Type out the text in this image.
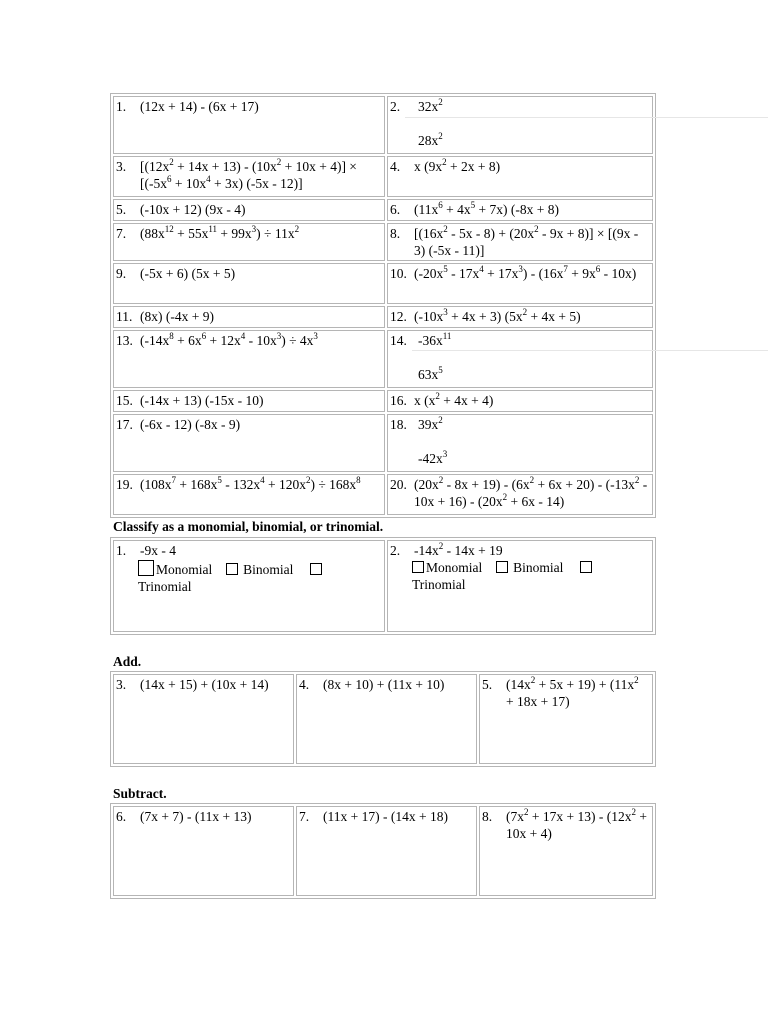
1. (12x + 14) - (6x + 17)	2. $32x^2$
$28x^2$

3. $[(12x^2 + 14x + 13) - (10x^2 + 10x + 4)] \times [(-5x^6 + 10x^4 + 3x)$ (-5x - 12)]	4. x $(9x^2 + 2x + 8)$

5. (-10x + 12) (9x - 4)	6. $(11x^6 + 4x^5 + 7x) (-8x + 8)$

7. $(88x^{12} + 55x^{11} + 99x^3) \div 11x^2$	8. $[(16x^2 - 5x - 8) + (20x^2 - 9x + 8)] \times [(9x - 3)$ (-5x - 11)]

9. (-5x + 6) (5x + 5)	10. $(-20x^5 - 17x^4 + 17x^3) - (16x^7 + 9x^6 - 10x)$

11. (8x) (-4x + 9)	12. $(-10x^3 + 4x + 3) (5x^2 + 4x + 5)$

13. $(-14x^8 + 6x^6 + 12x^4 - 10x^3) \div 4x^3$	14. $-36x^{11}$
$63x^5$

15. (-14x + 13) (-15x - 10)	16. x $(x^2 + 4x + 4)$

17. (-6x - 12) (-8x - 9)	18. $39x^2$
$-42x^3$

19. $(108x^7 + 168x^5 - 132x^4 + 120x^2) \div 168x^8$	20. $(20x^2 - 8x + 19) - (6x^2 + 6x + 20) - (-13x^2 - 10x + 16) - (20x^2 + 6x - 14)$
Classify as a monomial, binomial, or trinomial.
1.	-9x - 4
Monomial Binomial
Trinomial

2.	$-14x^2 - 14x + 19$
Monomial Binomial
Trinomial
Add.
3.	(14x + 15) + (10x + 14)	4.	(8x + 10) + (11x + 10)	5.	$(14x^2 + 5x + 19) + (11x^2 + 18x + 17)$
Subtract.
6.	(7x + 7) - (11x + 13)	7.	(11x + 17) - (14x + 18)	8.	$(7x^2 + 17x + 13) - (12x^2 + 10x + 4)$
